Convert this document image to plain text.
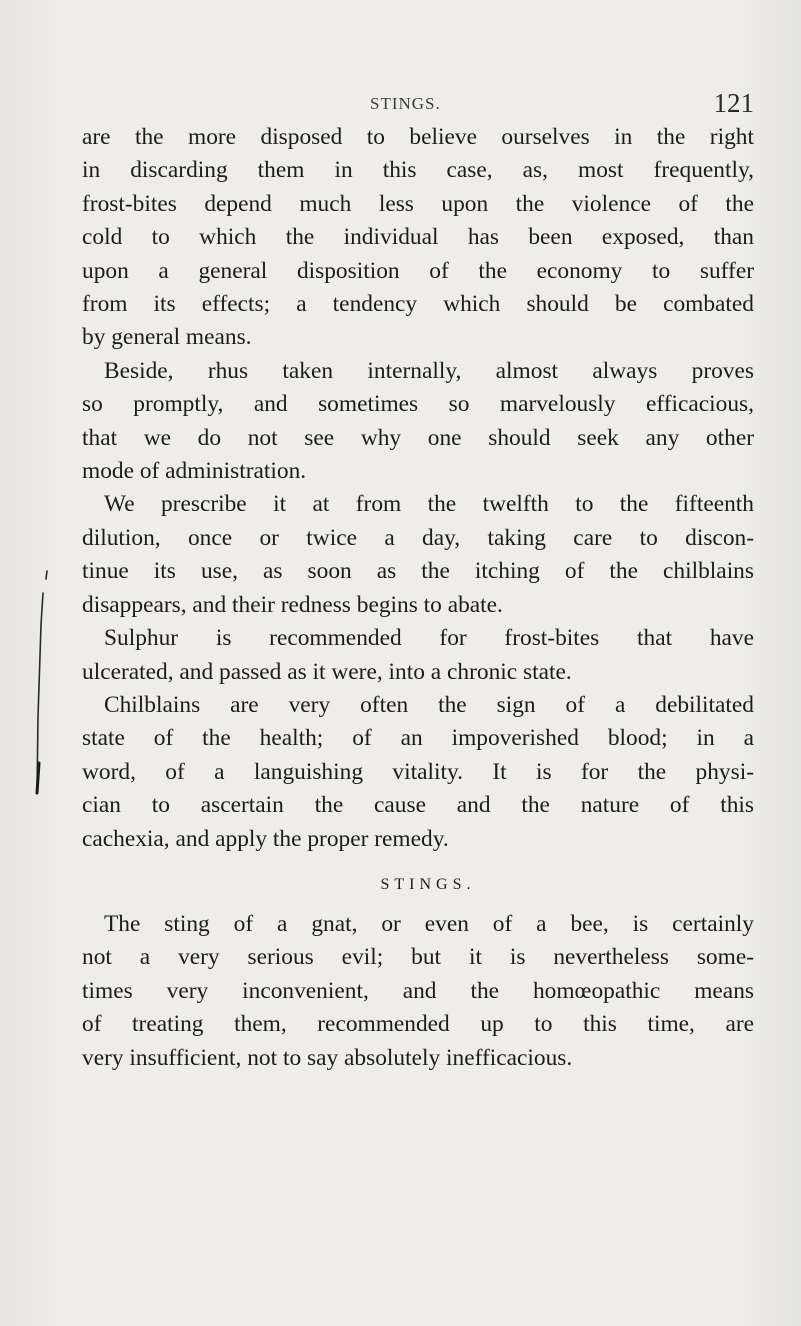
STINGS.	121
are the more disposed to believe ourselves in the right
in discarding them in this case, as, most frequently,
frost-bites depend much less upon the violence of the
cold to which the individual has been exposed, than
upon a general disposition of the economy to suffer
from its effects; a tendency which should be combated
by general means.
Beside, rhus taken internally, almost always proves
so promptly, and sometimes so marvelously efficacious,
that we do not see why one should seek any other
mode of administration.
We prescribe it at from the twelfth to the fifteenth
dilution, once or twice a day, taking care to discon-
tinue its use, as soon as the itching of the chilblains
disappears, and their redness begins to abate.
Sulphur is recommended for frost-bites that have
ulcerated, and passed as it were, into a chronic state.
Chilblains are very often the sign of a debilitated
state of the health; of an impoverished blood; in a
word, of a languishing vitality. It is for the physi-
cian to ascertain the cause and the nature of this
cachexia, and apply the proper remedy.
STINGS.
The sting of a gnat, or even of a bee, is certainly
not a very serious evil; but it is nevertheless some-
times very inconvenient, and the homœopathic means
of treating them, recommended up to this time, are
very insufficient, not to say absolutely inefficacious.
